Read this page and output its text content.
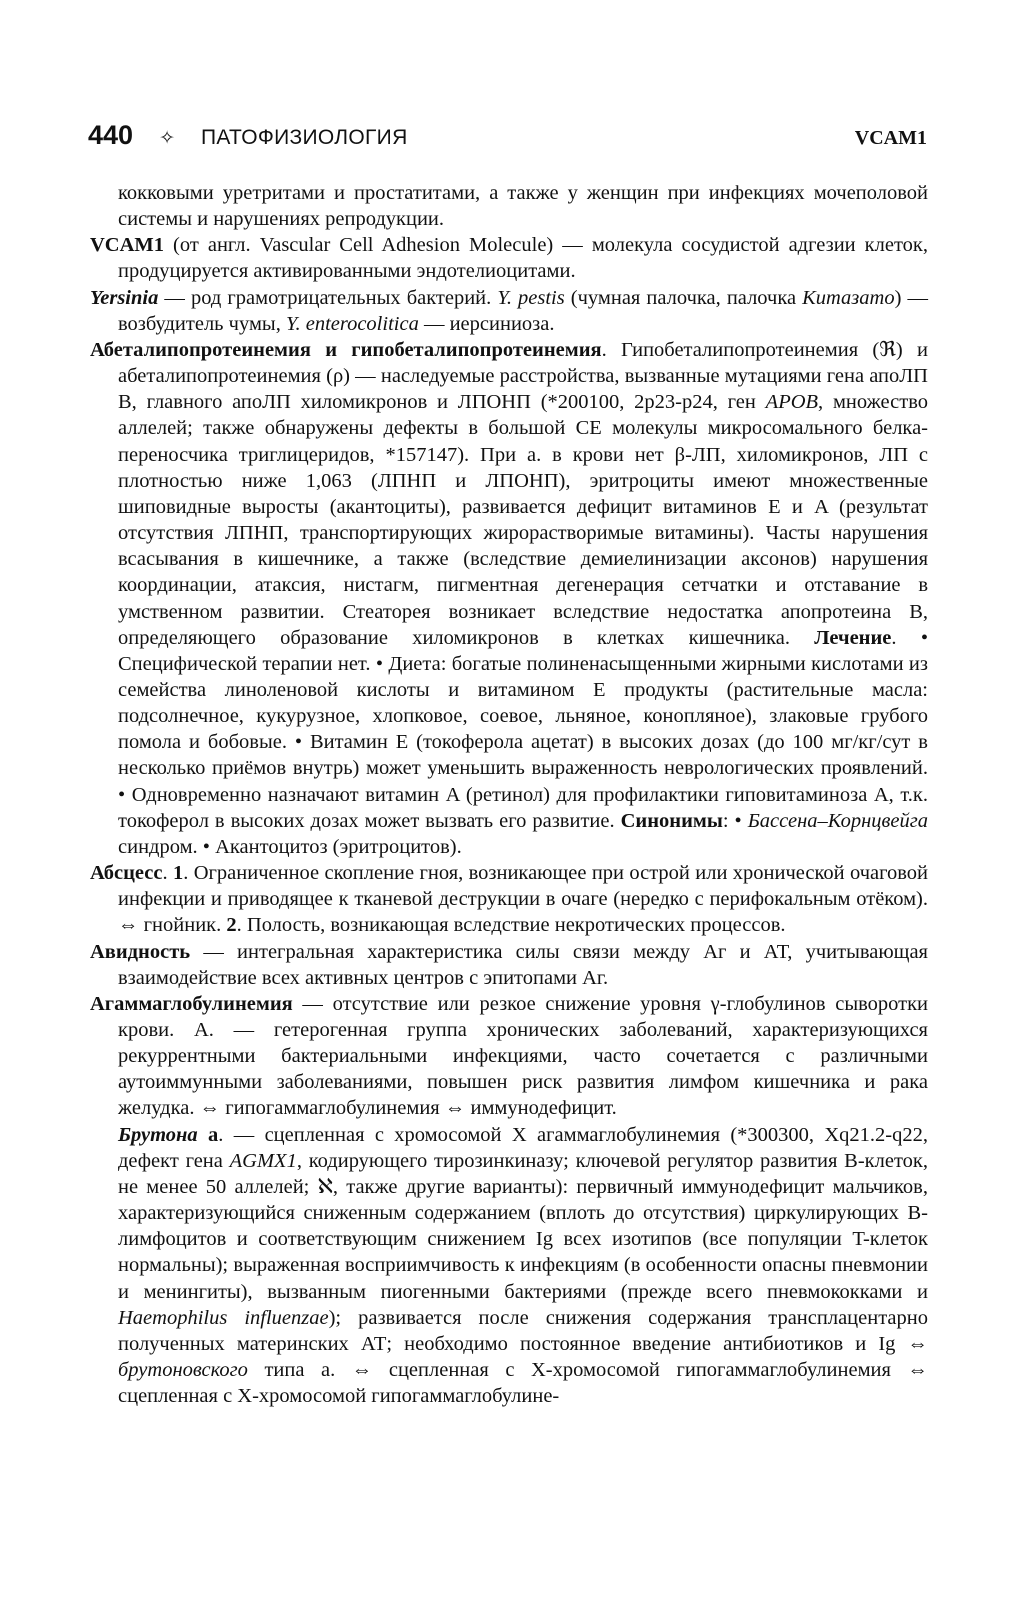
440 ✧ ПАТОФИЗИОЛОГИЯ	VCAM1

кокковыми уретритами и простатитами, а также у женщин при инфекциях мочеполовой системы и нарушениях репродукции.

VCAM1 (от англ. Vascular Cell Adhesion Molecule) — молекула сосудистой адгезии клеток, продуцируется активированными эндотелиоцитами.

Yersinia — род грамотрицательных бактерий. Y. pestis (чумная палочка, палочка Китазато) — возбудитель чумы, Y. enterocolitica — иерсиниоза.

Абеталипопротеинемия и гипобеталипопротеинемия. Гипобеталипопротеинемия (ℜ) и абеталипопротеинемия (ρ) — наследуемые расстройства, вызванные мутациями гена апоЛП B, главного апоЛП хиломикронов и ЛПОНП (*200100, 2p23-p24, ген APOB, множество аллелей; также обнаружены дефекты в большой СЕ молекулы микросомального белка-переносчика триглицеридов, *157147). При а. в крови нет β-ЛП, хиломикронов, ЛП с плотностью ниже 1,063 (ЛПНП и ЛПОНП), эритроциты имеют множественные шиповидные выросты (акантоциты), развивается дефицит витаминов E и A (результат отсутствия ЛПНП, транспортирующих жирорастворимые витамины). Часты нарушения всасывания в кишечнике, а также (вследствие демиелинизации аксонов) нарушения координации, атаксия, нистагм, пигментная дегенерация сетчатки и отставание в умственном развитии. Стеаторея возникает вследствие недостатка апопротеина B, определяющего образование хиломикронов в клетках кишечника. Лечение. • Специфической терапии нет. • Диета: богатые полиненасыщенными жирными кислотами из семейства линоленовой кислоты и витамином E продукты (растительные масла: подсолнечное, кукурузное, хлопковое, соевое, льняное, конопляное), злаковые грубого помола и бобовые. • Витамин E (токоферола ацетат) в высоких дозах (до 100 мг/кг/сут в несколько приёмов внутрь) может уменьшить выраженность неврологических проявлений. • Одновременно назначают витамин A (ретинол) для профилактики гиповитаминоза A, т.к. токоферол в высоких дозах может вызвать его развитие. Синонимы: • Бассена–Корнцвейга синдром. • Акантоцитоз (эритроцитов).

Абсцесс. 1. Ограниченное скопление гноя, возникающее при острой или хронической очаговой инфекции и приводящее к тканевой деструкции в очаге (нередко с перифокальным отёком). ⇔ гнойник. 2. Полость, возникающая вследствие некротических процессов.

Авидность — интегральная характеристика силы связи между Аг и АТ, учитывающая взаимодействие всех активных центров с эпитопами Аг.

Агаммаглобулинемия — отсутствие или резкое снижение уровня γ-глобулинов сыворотки крови. А. — гетерогенная группа хронических заболеваний, характеризующихся рекуррентными бактериальными инфекциями, часто сочетается с различными аутоиммунными заболеваниями, повышен риск развития лимфом кишечника и рака желудка. ⇔ гипогаммаглобулинемия ⇔ иммунодефицит.

Брутона а. — сцепленная с хромосомой X агаммаглобулинемия (*300300, Xq21.2-q22, дефект гена AGMX1, кодирующего тирозинкиназу; ключевой регулятор развития B-клеток, не менее 50 аллелей; ℵ, также другие варианты): первичный иммунодефицит мальчиков, характеризующийся сниженным содержанием (вплоть до отсутствия) циркулирующих B-лимфоцитов и соответствующим снижением Ig всех изотипов (все популяции T-клеток нормальны); выраженная восприимчивость к инфекциям (в особенности опасны пневмонии и менингиты), вызванным пиогенными бактериями (прежде всего пневмококками и Haemophilus influenzae); развивается после снижения содержания трансплацентарно полученных материнских АТ; необходимо постоянное введение антибиотиков и Ig ⇔ брутоновского типа а. ⇔ сцепленная с X-хромосомой гипогаммаглобулинемия ⇔ сцепленная с X-хромосомой гипогаммаглобулине-
